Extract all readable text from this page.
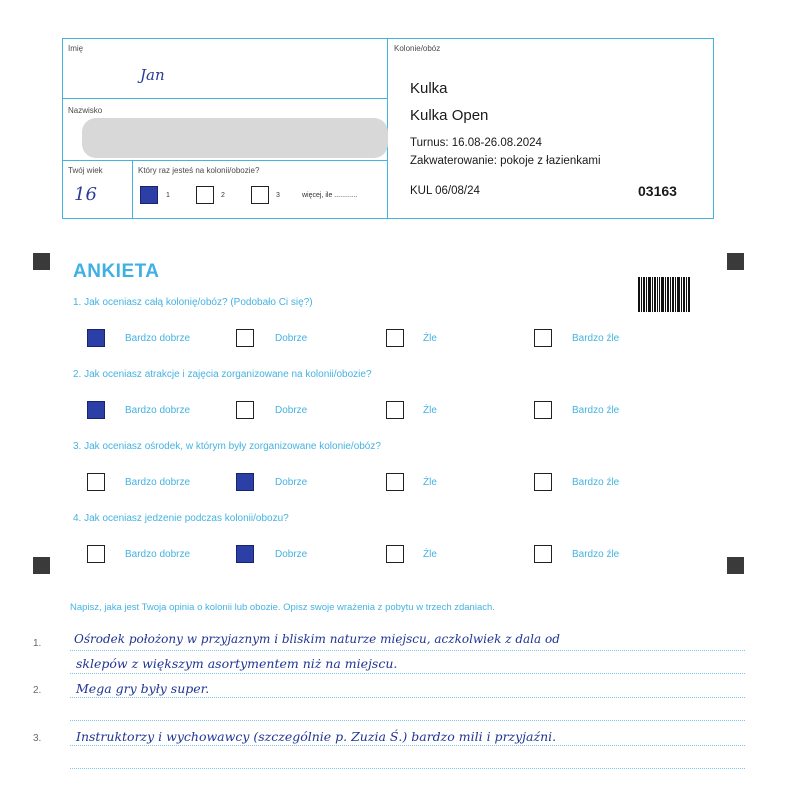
Imię
Jan
Nazwisko
Twój wiek
16
Który raz jesteś na kolonii/obozie?
1	2	3	więcej, ile ............
Kolonie/obóz
Kulka
Kulka Open
Turnus: 16.08-26.08.2024
Zakwaterowanie: pokoje z łazienkami
KUL 06/08/24	03163
ANKIETA
1. Jak oceniasz całą kolonię/obóz? (Podobało Ci się?)
Bardzo dobrze	Dobrze	Źle	Bardzo źle
2. Jak oceniasz atrakcje i zajęcia zorganizowane na kolonii/obozie?
Bardzo dobrze	Dobrze	Źle	Bardzo źle
3. Jak oceniasz ośrodek, w którym były zorganizowane kolonie/obóz?
Bardzo dobrze	Dobrze	Źle	Bardzo źle
4. Jak oceniasz jedzenie podczas kolonii/obozu?
Bardzo dobrze	Dobrze	Źle	Bardzo źle
Napisz, jaka jest Twoja opinia o kolonii lub obozie. Opisz swoje wrażenia z pobytu w trzech zdaniach.
1.
2.
3.
Ośrodek położony w przyjaznym i bliskim naturze miejscu, aczkolwiek z dala od
sklepów z większym asortymentem niż na miejscu.
Mega gry były super.
Instruktorzy i wychowawcy (szczególnie p. Zuzia Ś.) bardzo mili i przyjaźni.
